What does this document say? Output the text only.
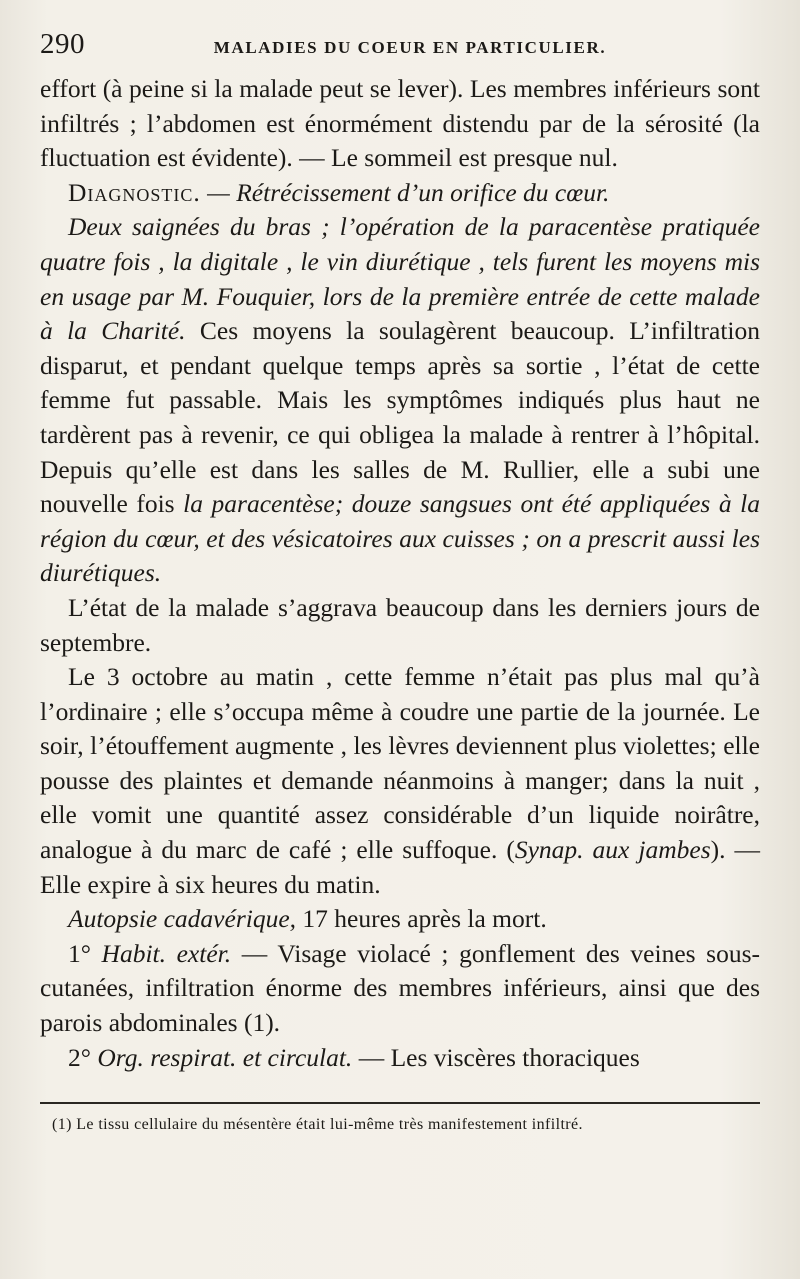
290	MALADIES DU COEUR EN PARTICULIER.

effort (à peine si la malade peut se lever). Les membres inférieurs sont infiltrés ; l’abdomen est énormément distendu par de la sérosité (la fluctuation est évidente). — Le sommeil est presque nul.

Diagnostic. — Rétrécissement d’un orifice du cœur.

Deux saignées du bras ; l’opération de la paracentèse pratiquée quatre fois , la digitale , le vin diurétique , tels furent les moyens mis en usage par M. Fouquier, lors de la première entrée de cette malade à la Charité. Ces moyens la soulagèrent beaucoup. L’infiltration disparut, et pendant quelque temps après sa sortie , l’état de cette femme fut passable. Mais les symptômes indiqués plus haut ne tardèrent pas à revenir, ce qui obligea la malade à rentrer à l’hôpital. Depuis qu’elle est dans les salles de M. Rullier, elle a subi une nouvelle fois la paracentèse; douze sangsues ont été appliquées à la région du cœur, et des vésicatoires aux cuisses ; on a prescrit aussi les diurétiques.

L’état de la malade s’aggrava beaucoup dans les derniers jours de septembre.

Le 3 octobre au matin , cette femme n’était pas plus mal qu’à l’ordinaire ; elle s’occupa même à coudre une partie de la journée. Le soir, l’étouffement augmente , les lèvres deviennent plus violettes; elle pousse des plaintes et demande néanmoins à manger; dans la nuit , elle vomit une quantité assez considérable d’un liquide noirâtre, analogue à du marc de café ; elle suffoque. (Synap. aux jambes). — Elle expire à six heures du matin.

Autopsie cadavérique, 17 heures après la mort.

1° Habit. extér. — Visage violacé ; gonflement des veines sous-cutanées, infiltration énorme des membres inférieurs, ainsi que des parois abdominales (1).

2° Org. respirat. et circulat. — Les viscères thoraciques

(1) Le tissu cellulaire du mésentère était lui-même très manifestement infiltré.
